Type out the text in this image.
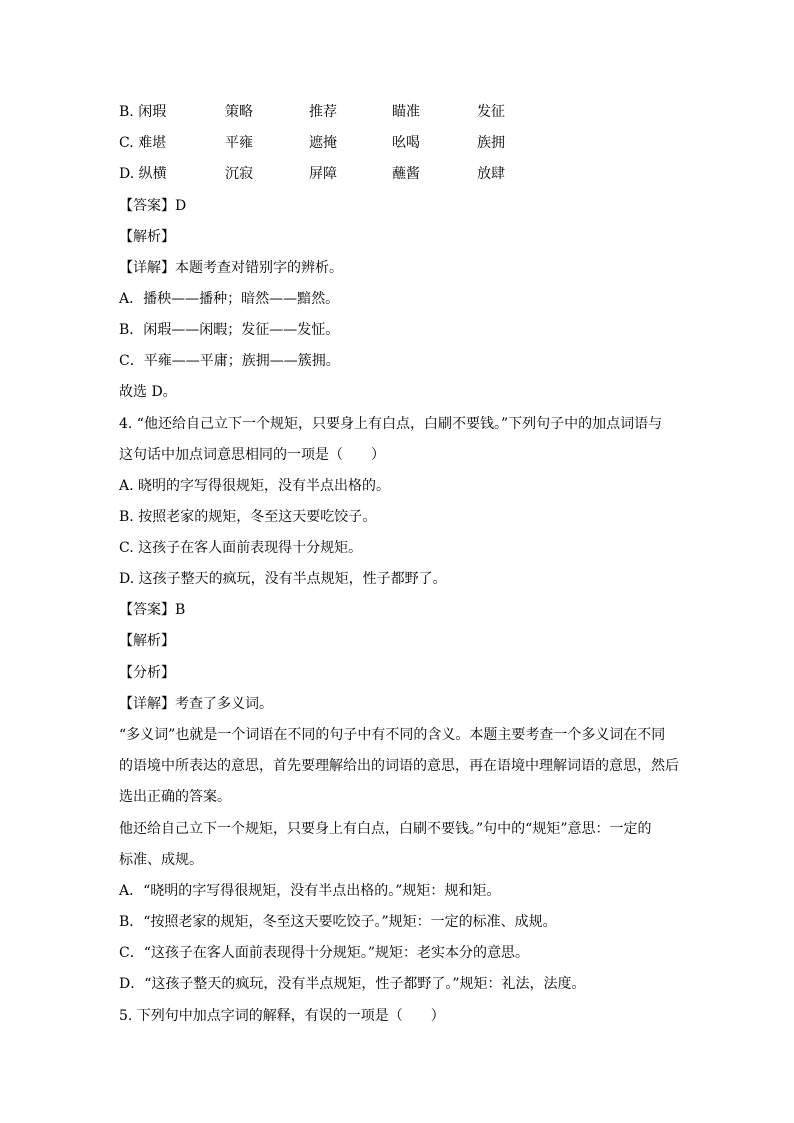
B. 闲瑕	策略	推荐	瞄准	发征
C. 难堪	平雍	遮掩	吆喝	族拥
D. 纵横	沉寂	屏障	蘸酱	放肆
【答案】D
【解析】
【详解】本题考查对错别字的辨析。
A．播秧——播种；暗然——黯然。
B．闲瑕——闲暇；发征——发怔。
C．平雍——平庸；族拥——簇拥。
故选 D。
4. “他还给自己立下一个规矩，只要身上有白点，白刷不要钱。”下列句子中的加点词语与
这句话中加点词意思相同的一项是（　　）
A. 晓明的字写得很规矩，没有半点出格的。
B. 按照老家的规矩，冬至这天要吃饺子。
C. 这孩子在客人面前表现得十分规矩。
D. 这孩子整天的疯玩，没有半点规矩，性子都野了。
【答案】B
【解析】
【分析】
【详解】考查了多义词。
“多义词”也就是一个词语在不同的句子中有不同的含义。本题主要考查一个多义词在不同
的语境中所表达的意思，首先要理解给出的词语的意思，再在语境中理解词语的意思，然后
选出正确的答案。
他还给自己立下一个规矩，只要身上有白点，白刷不要钱。”句中的“规矩”意思：一定的
标准、成规。
A．“晓明的字写得很规矩，没有半点出格的。”规矩：规和矩。
B．“按照老家的规矩，冬至这天要吃饺子。”规矩：一定的标准、成规。
C．“这孩子在客人面前表现得十分规矩。”规矩：老实本分的意思。
D．“这孩子整天的疯玩，没有半点规矩，性子都野了。”规矩：礼法，法度。
5. 下列句中加点字词的解释，有误的一项是（　　）
